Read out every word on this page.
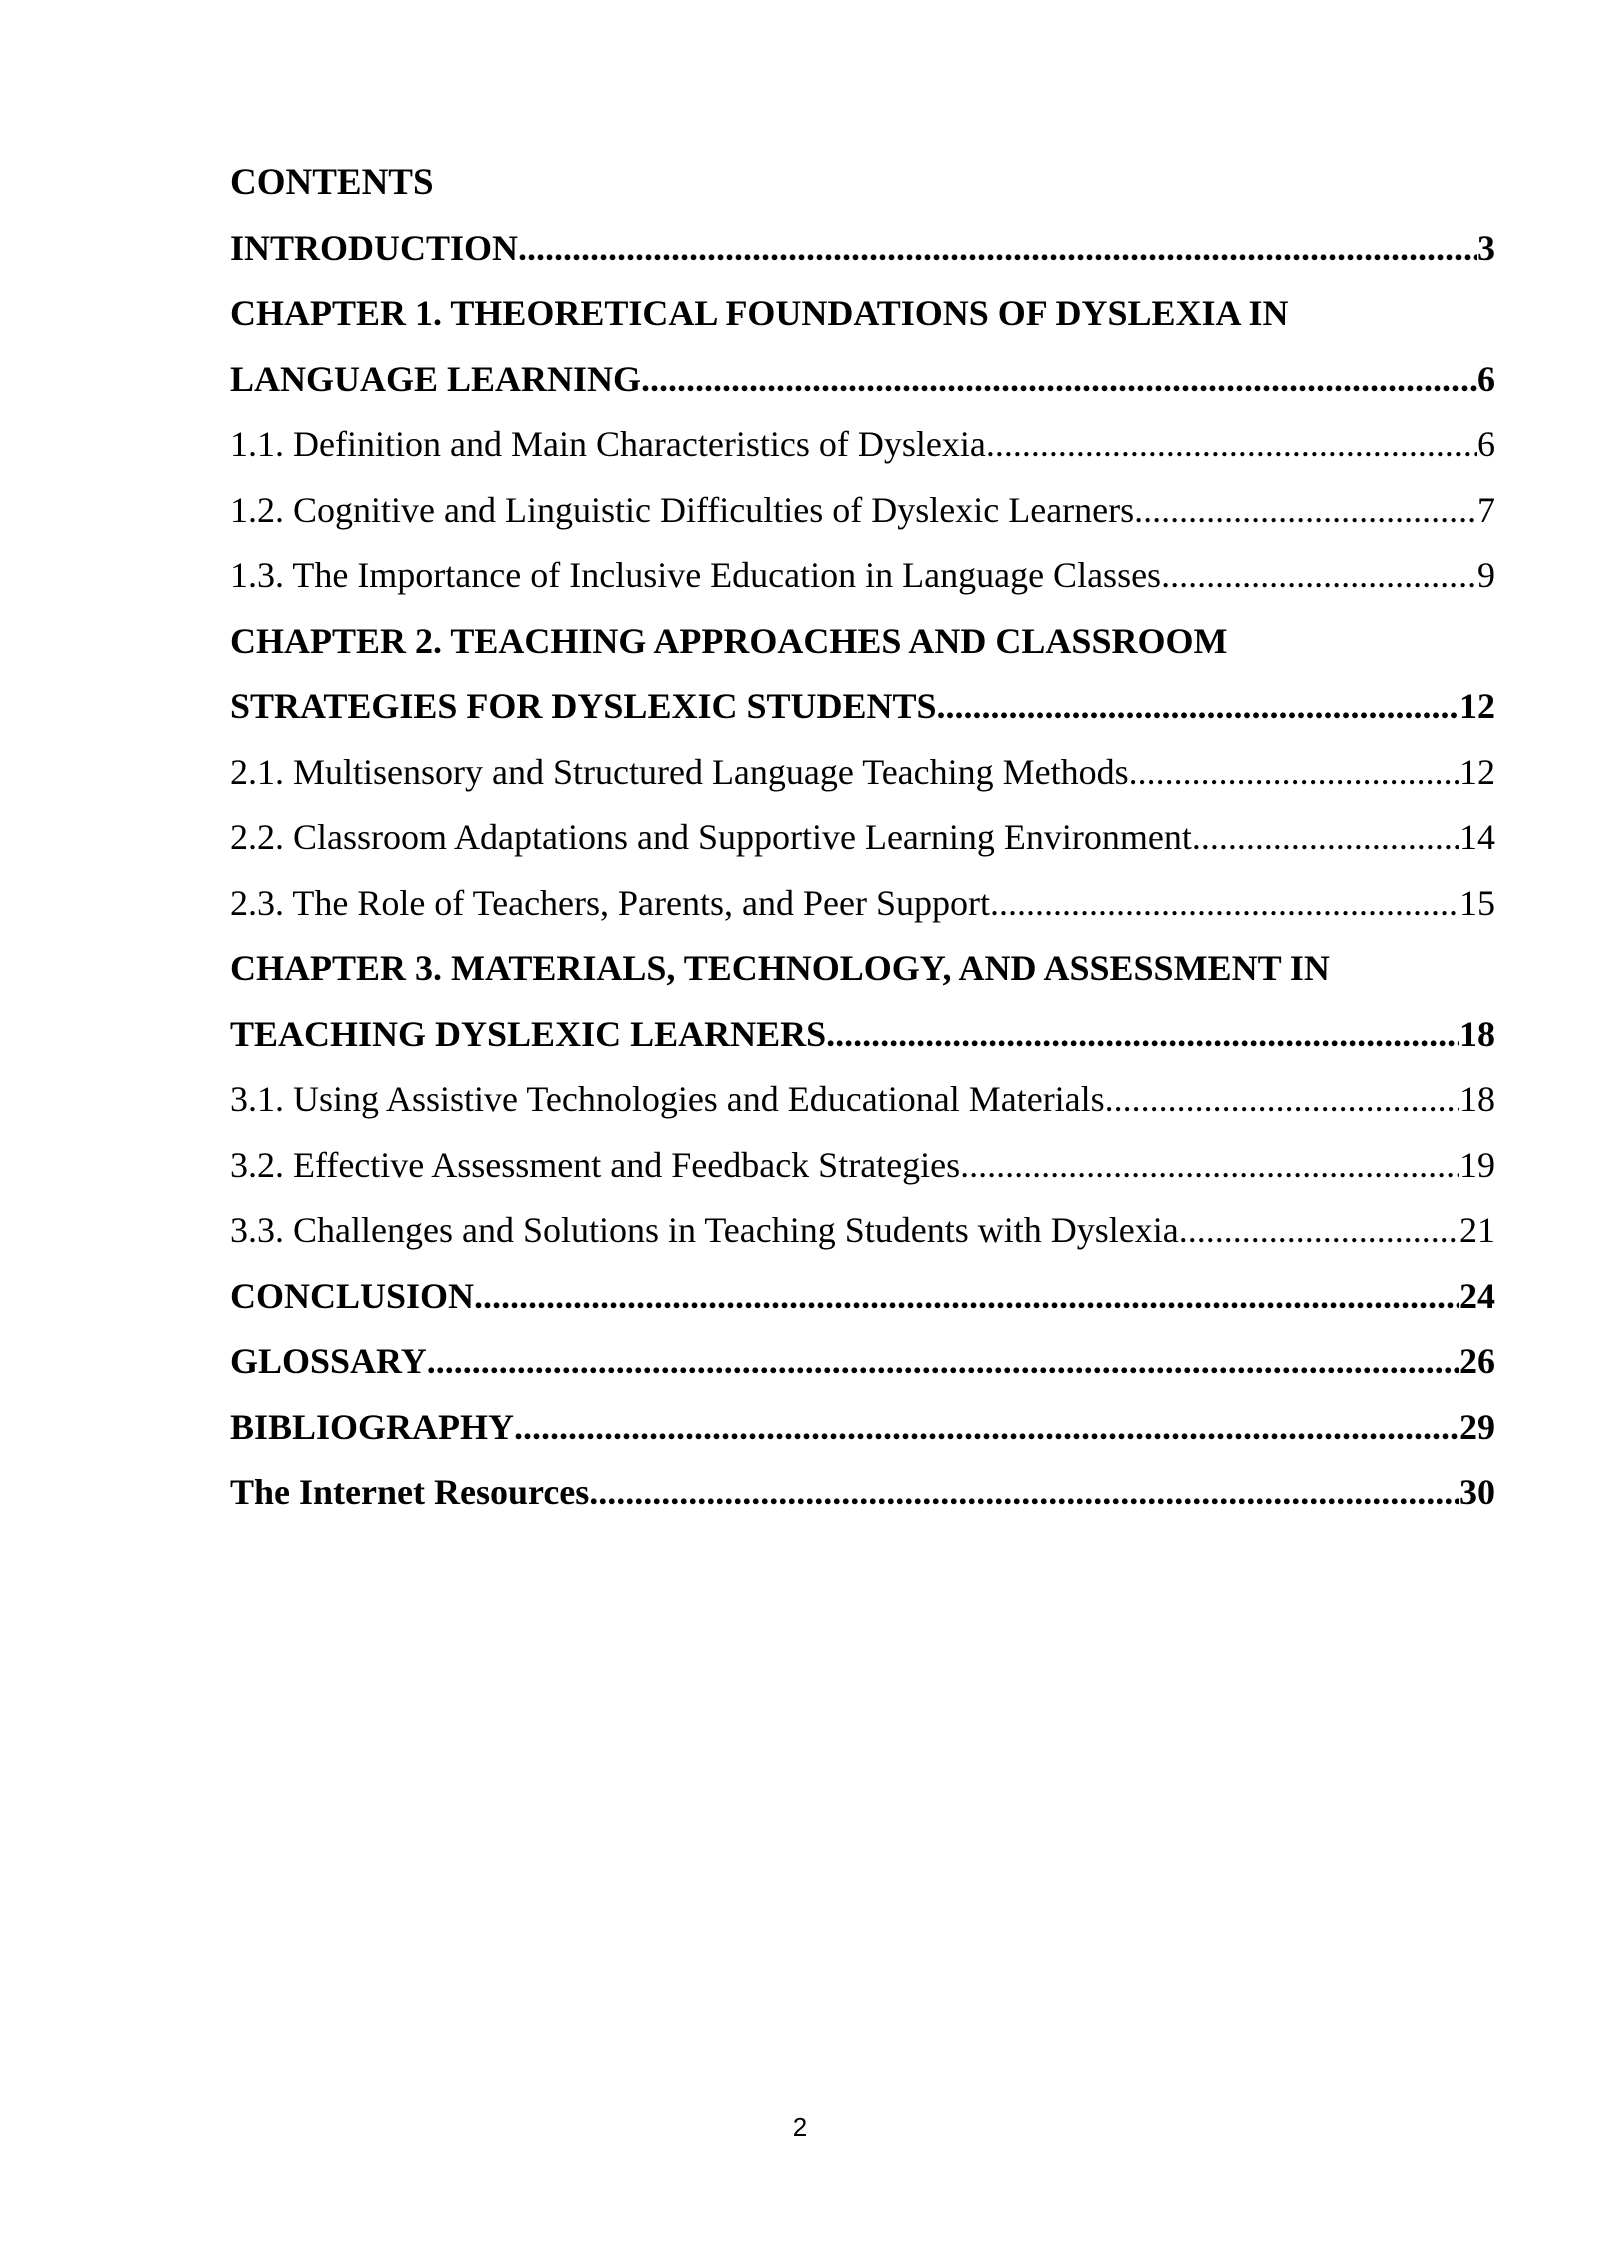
CONTENTS
INTRODUCTION .....	3
CHAPTER 1. THEORETICAL FOUNDATIONS OF DYSLEXIA IN
LANGUAGE LEARNING .....	6
1.1. Definition and Main Characteristics of Dyslexia .....	6
1.2. Cognitive and Linguistic Difficulties of Dyslexic Learners .....	7
1.3. The Importance of Inclusive Education in Language Classes .....	9
CHAPTER 2. TEACHING APPROACHES AND CLASSROOM
STRATEGIES FOR DYSLEXIC STUDENTS .....	12
2.1. Multisensory and Structured Language Teaching Methods .....	12
2.2. Classroom Adaptations and Supportive Learning Environment .....	14
2.3. The Role of Teachers, Parents, and Peer Support .....	15
CHAPTER 3. MATERIALS, TECHNOLOGY, AND ASSESSMENT IN
TEACHING DYSLEXIC LEARNERS .....	18
3.1. Using Assistive Technologies and Educational Materials .....	18
3.2. Effective Assessment and Feedback Strategies .....	19
3.3. Challenges and Solutions in Teaching Students with Dyslexia .....	21
CONCLUSION .....	24
GLOSSARY .....	26
BIBLIOGRAPHY .....	29
The Internet Resources .....	30
2
